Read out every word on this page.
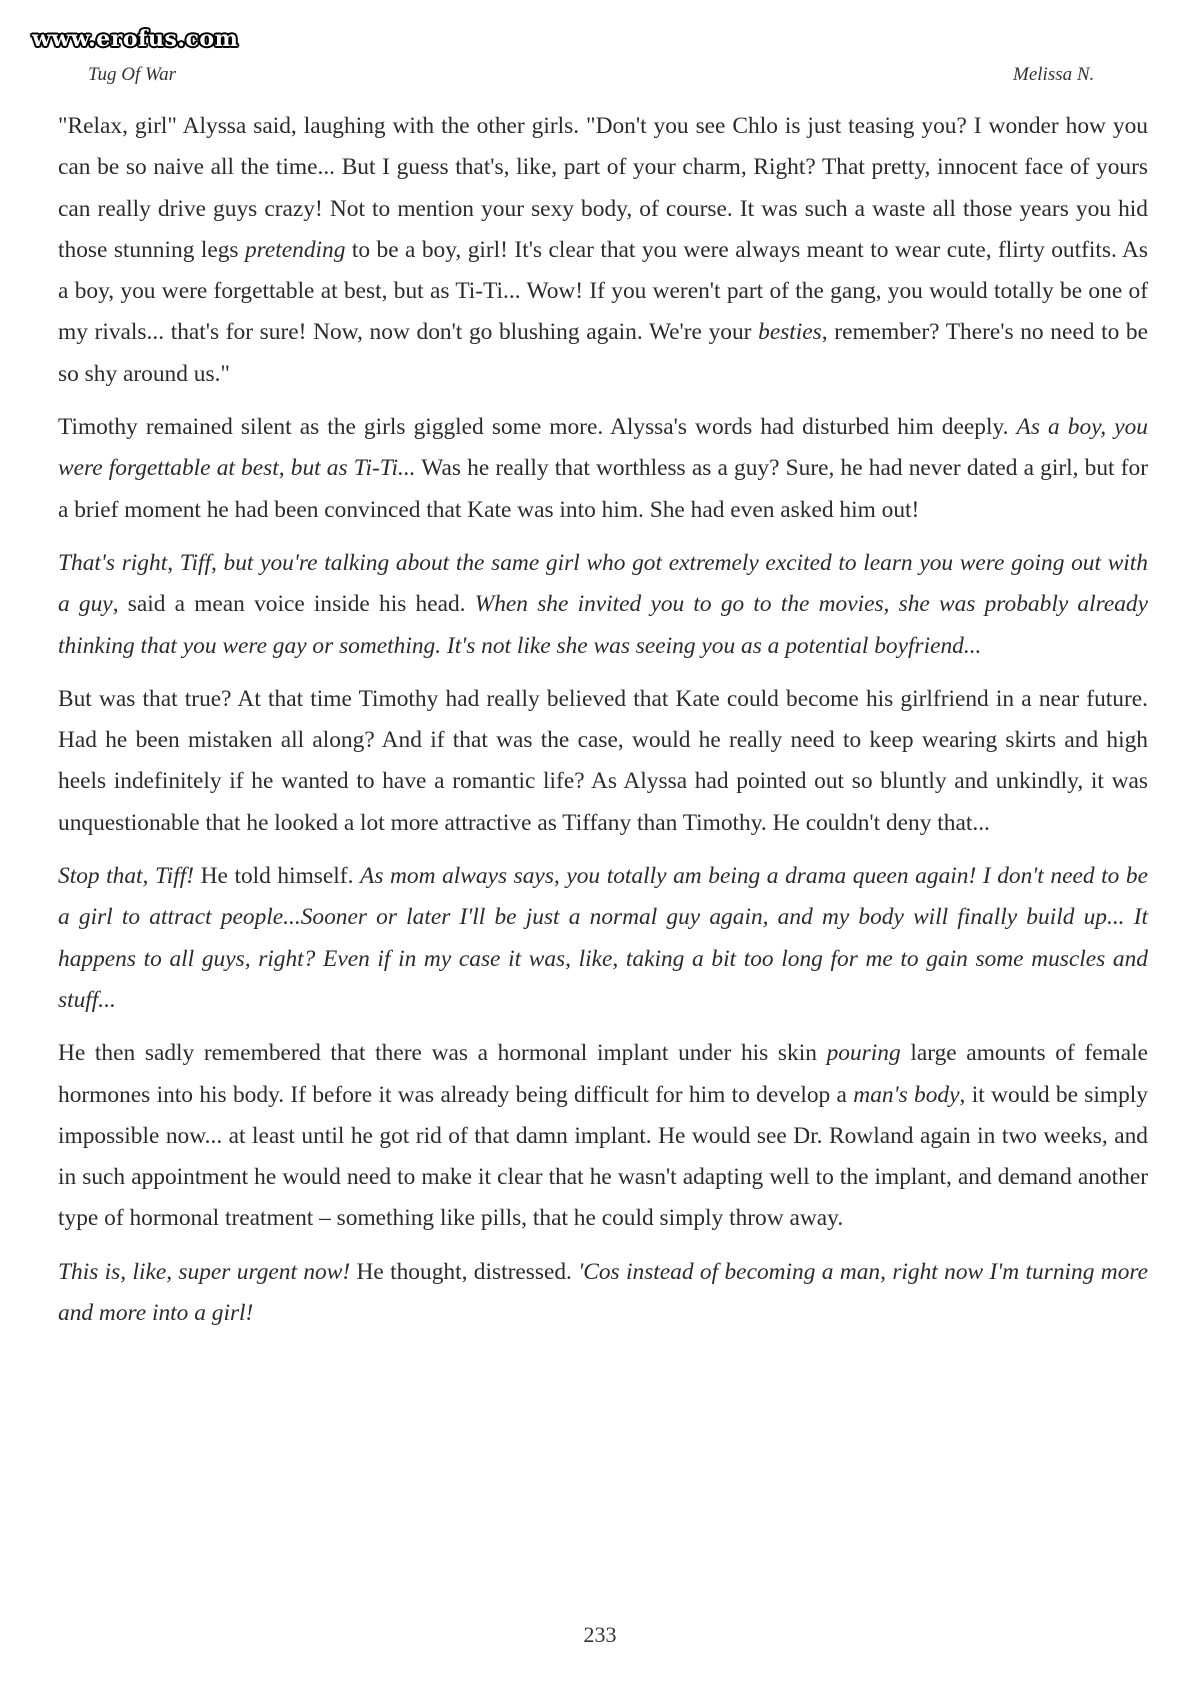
www.erofus.com
Tug Of War	Melissa N.

"Relax, girl" Alyssa said, laughing with the other girls. "Don't you see Chlo is just teasing you? I wonder how you can be so naive all the time... But I guess that's, like, part of your charm, Right? That pretty, innocent face of yours can really drive guys crazy! Not to mention your sexy body, of course. It was such a waste all those years you hid those stunning legs pretending to be a boy, girl! It's clear that you were always meant to wear cute, flirty outfits. As a boy, you were forgettable at best, but as Ti-Ti... Wow! If you weren't part of the gang, you would totally be one of my rivals... that's for sure! Now, now don't go blushing again. We're your besties, remember? There's no need to be so shy around us."

Timothy remained silent as the girls giggled some more. Alyssa's words had disturbed him deeply. As a boy, you were forgettable at best, but as Ti-Ti... Was he really that worthless as a guy? Sure, he had never dated a girl, but for a brief moment he had been convinced that Kate was into him. She had even asked him out!

That's right, Tiff, but you're talking about the same girl who got extremely excited to learn you were going out with a guy, said a mean voice inside his head. When she invited you to go to the movies, she was probably already thinking that you were gay or something. It's not like she was seeing you as a potential boyfriend...

But was that true? At that time Timothy had really believed that Kate could become his girlfriend in a near future. Had he been mistaken all along? And if that was the case, would he really need to keep wearing skirts and high heels indefinitely if he wanted to have a romantic life? As Alyssa had pointed out so bluntly and unkindly, it was unquestionable that he looked a lot more attractive as Tiffany than Timothy. He couldn't deny that...

Stop that, Tiff! He told himself. As mom always says, you totally am being a drama queen again! I don't need to be a girl to attract people...Sooner or later I'll be just a normal guy again, and my body will finally build up... It happens to all guys, right? Even if in my case it was, like, taking a bit too long for me to gain some muscles and stuff...

He then sadly remembered that there was a hormonal implant under his skin pouring large amounts of female hormones into his body. If before it was already being difficult for him to develop a man's body, it would be simply impossible now... at least until he got rid of that damn implant. He would see Dr. Rowland again in two weeks, and in such appointment he would need to make it clear that he wasn't adapting well to the implant, and demand another type of hormonal treatment – something like pills, that he could simply throw away.

This is, like, super urgent now! He thought, distressed. 'Cos instead of becoming a man, right now I'm turning more and more into a girl!

233
